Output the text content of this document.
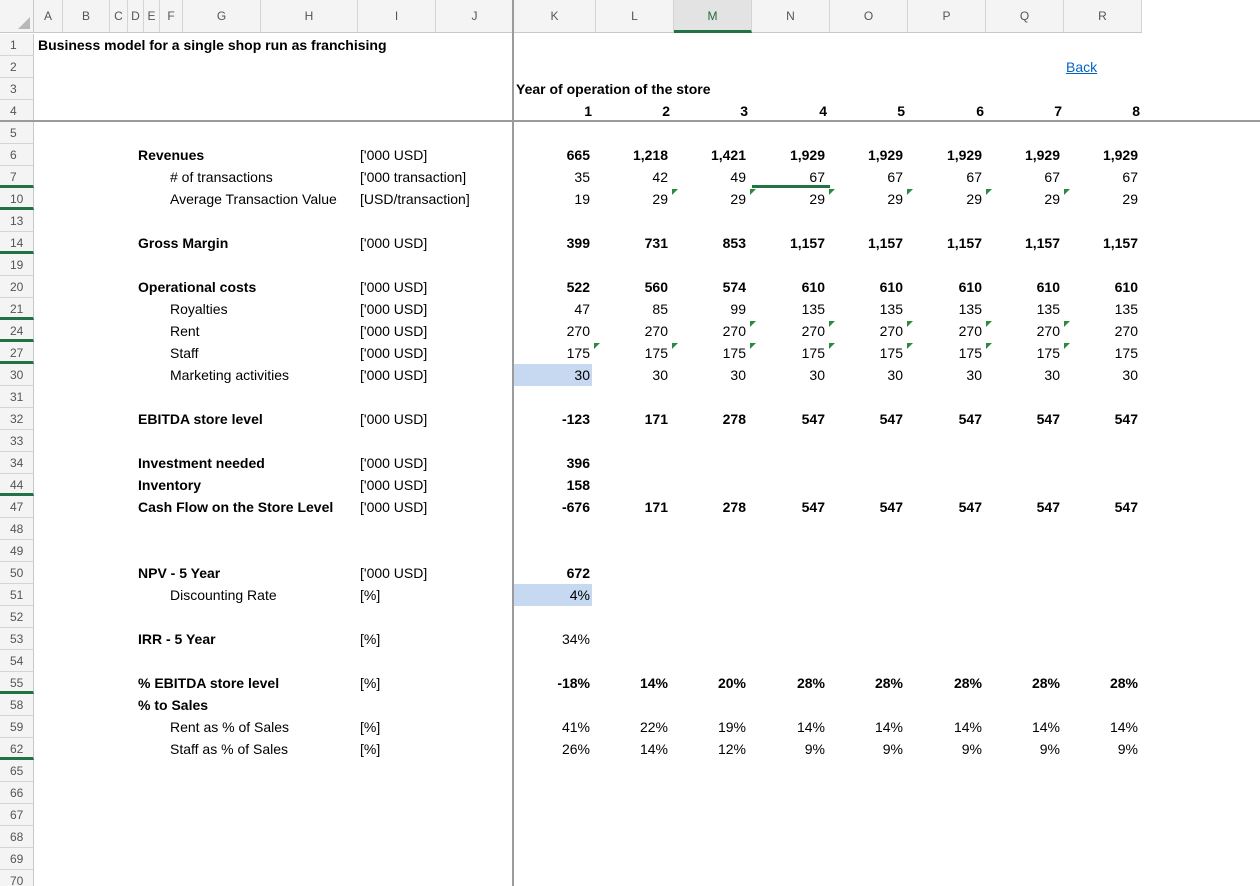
A	B	C D E F	G	H	I	J	K	L	M	N	O	P	Q	R
1
2
3
4
5
6
7
10
13
14
19
20
21
24
27
30
31
32
33
34
44
47
48
49
50
51
52
53
54
55
58
59
62
65
66
67
68
69
70
Revenues	['000 USD]	665	1,218	1,421	1,929	1,929	1,929	1,929	1,929
# of transactions	['000 transaction]	35	42	49	67	67	67	67	67
Average Transaction Value [USD/transaction]	19	29	29	29	29	29	29	29
Gross Margin	['000 USD]	399	731	853	1,157	1,157	1,157	1,157	1,157
Operational costs	['000 USD]	522	560	574	610	610	610	610	610
Royalties	['000 USD]	47	85	99	135	135	135	135	135
Rent	['000 USD]	270	270	270	270	270	270	270	270
Staff	['000 USD]	175	175	175	175	175	175	175	175
Marketing activities	['000 USD]	30	30	30	30	30	30	30	30
EBITDA store level	['000 USD]	-123	171	278	547	547	547	547	547
Investment needed	['000 USD]	396
Inventory	['000 USD]	158
Cash Flow on the Store Level ['000 USD]	-676	171	278	547	547	547	547	547
NPV - 5 Year	['000 USD]	672
Discounting Rate	[%]	4%
IRR - 5 Year	[%]	34%
% EBITDA store level	[%]	-18%	14%	20%	28%	28%	28%	28%	28%
% to Sales
Rent as % of Sales	[%]	41%	22%	19%	14%	14%	14%	14%	14%
Staff as % of Sales	[%]	26%	14%	12%	9%	9%	9%	9%	9%
Business model for a single shop run as franchising
Back
Year of operation of the store
1	2	3	4	5	6	7	8
